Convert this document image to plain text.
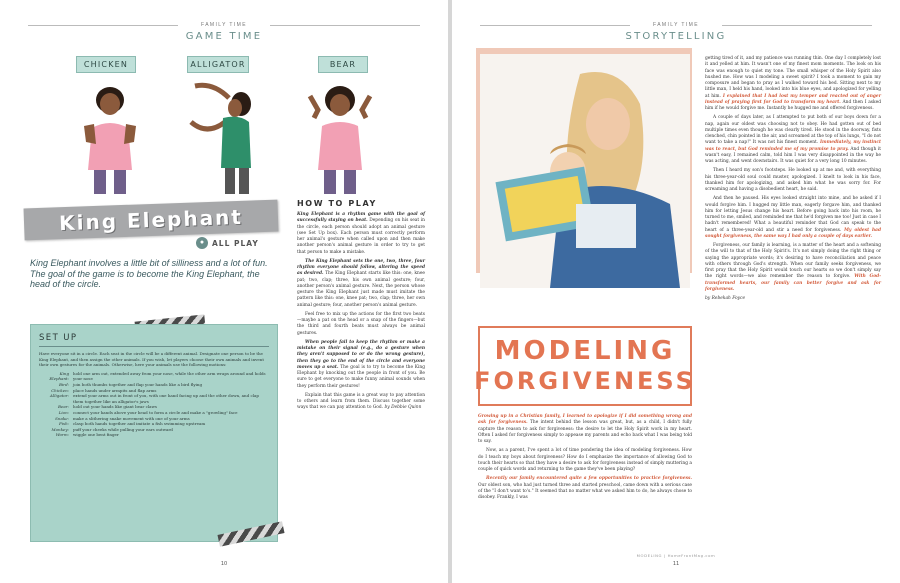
FAMILY TIME
GAME TIME
CHICKEN	ALLIGATOR	BEAR
King Elephant
●	ALL PLAY
King Elephant involves a little bit of silliness and a lot of fun. The goal of the game is to become the King Elephant, the head of the circle.
SET UP
Have everyone sit in a circle. Each seat in the circle will be a different animal. Designate one person to be the King Elephant, and then assign the other animals. If you wish, let players choose their own animals and invent their own gestures for the animals. Otherwise, here your animals use the following motions:
King Elephant:
hold one arm out, extended away from your nose, while the other arm wraps around and holds your nose
Bird:	join both thumbs together and flap your hands like a bird flying
Chicken:	place hands under armpits and flap arms
Alligator:	extend your arms out in front of you, with one hand facing up and the other down, and clap them together like an alligator's jaws
Bear:	hold out your hands like giant bear claws
Lion:	connect your hands above your head to form a circle and make a "growling" face
Snake:	make a slithering snake movement with one of your arms
Fish:	clasp both hands together and imitate a fish swimming upstream
Monkey:	puff your cheeks while pulling your ears outward
Worm:	wiggle one bent finger
HOW TO PLAY

King Elephant is a rhythm game with the goal of successfully staying on beat. Depending on his seat in the circle, each person should adopt an animal gesture (see Set Up box). Each person must correctly perform her animal's gesture when called upon and then make another person's animal gesture in order to try to get that person to make a mistake.

The King Elephant sets the one, two, three, four rhythm everyone should follow, altering the speed as desired. The King Elephant starts like this: one, knee pat; two, clap; three, his own animal gesture; four, another person's animal gesture. Next, the person whose gesture the King Elephant just made must imitate the pattern like this: one, knee pat; two, clap; three, her own animal gesture; four, another person's animal gesture.

Feel free to mix up the actions for the first two beats—maybe a pat on the head or a snap of the fingers—but the third and fourth beats must always be animal gestures.

When people fail to keep the rhythm or make a mistake on their signal (e.g., do a gesture when they aren't supposed to or do the wrong gesture), then they go to the end of the circle and everyone moves up a seat. The goal is to try to become the King Elephant by knocking out the people in front of you. Be sure to get everyone to make funny animal sounds when they perform their gestures!

Explain that this game is a great way to pay attention to others and learn from them. Discuss together some ways that we can pay attention to God. by Debbie Quinn

10
FAMILY TIME
STORYTELLING
MODELING
FORGIVENESS

Growing up in a Christian family, I learned to apologize if I did something wrong and ask for forgiveness. The intent behind the lesson was great, but, as a child, I didn't fully capture the reason to ask for forgiveness: the desire to let the Holy Spirit work in my heart. Often I asked for forgiveness simply to appease my parents and echo back what I was being told to say.

Now, as a parent, I've spent a lot of time pondering the idea of modeling forgiveness. How do I teach my boys about forgiveness? How do I emphasize the importance of allowing God to touch their hearts so that they have a desire to ask for forgiveness instead of simply muttering a couple of quick words and returning to the game they've been playing?

Recently our family encountered quite a few opportunities to practice forgiveness. Our oldest son, who had just turned three and started preschool, came down with a serious case of the "I don't want to's." It seemed that no matter what we asked him to do, he always chose to disobey. Frankly, I was

getting tired of it, and my patience was running thin. One day I completely lost it and yelled at him. It wasn't one of my finest mom moments. The look on his face was enough to quiet my tone. The small whisper of the Holy Spirit also hushed me. How was I modeling a sweet spirit? I took a moment to gain my composure and began to pray as I walked toward his bed. Sitting next to my little man, I held his hand, looked into his blue eyes, and apologized for yelling at him. I explained that I had lost my temper and reacted out of anger instead of praying first for God to transform my heart. And then I asked him if he would forgive me. Instantly he hugged me and offered forgiveness.

A couple of days later, as I attempted to put both of our boys down for a nap, again our oldest was choosing not to obey. He had gotten out of bed multiple times even though he was clearly tired. He stood in the doorway, fists clenched, chin pointed in the air, and screamed at the top of his lungs, "I do not want to take a nap!" It was not his finest moment. Immediately, my instinct was to react, but God reminded me of my promise to pray. And though it wasn't easy, I remained calm, told him I was very disappointed in the way he was acting, and went downstairs. It was quiet for a very long 10 minutes.

Then I heard my son's footsteps. He looked up at me and, with everything his three-year-old soul could muster, apologized. I knelt to look in his face, thanked him for apologizing, and asked him what he was sorry for. For screaming and having a disobedient heart, he said.

And then he paused. His eyes looked straight into mine, and he asked if I would forgive him. I hugged my little man, eagerly forgave him, and thanked him for letting Jesus change his heart. Before going back into his room, he turned to me, smiled, and reminded me that he'd forgiven me too! Just in case I hadn't remembered! What a beautiful reminder that God can speak to the heart of a three-year-old and stir a need for forgiveness. My oldest had sought forgiveness, the same way I had only a couple of days earlier.

Forgiveness, our family is learning, is a matter of the heart and a softening of the will to that of the Holy Spirit's. It's not simply doing the right thing or saying the appropriate words; it's desiring to have reconciliation and peace with others through God's strength. When our family seeks forgiveness, we first pray that the Holy Spirit would touch our hearts so we don't simply say the right words—we also remember the reason to forgive. With God-transformed hearts, our family can better forgive and ask for forgiveness.

by Rebekah Foyce

MODELING | HomeFrontMag.com
11
